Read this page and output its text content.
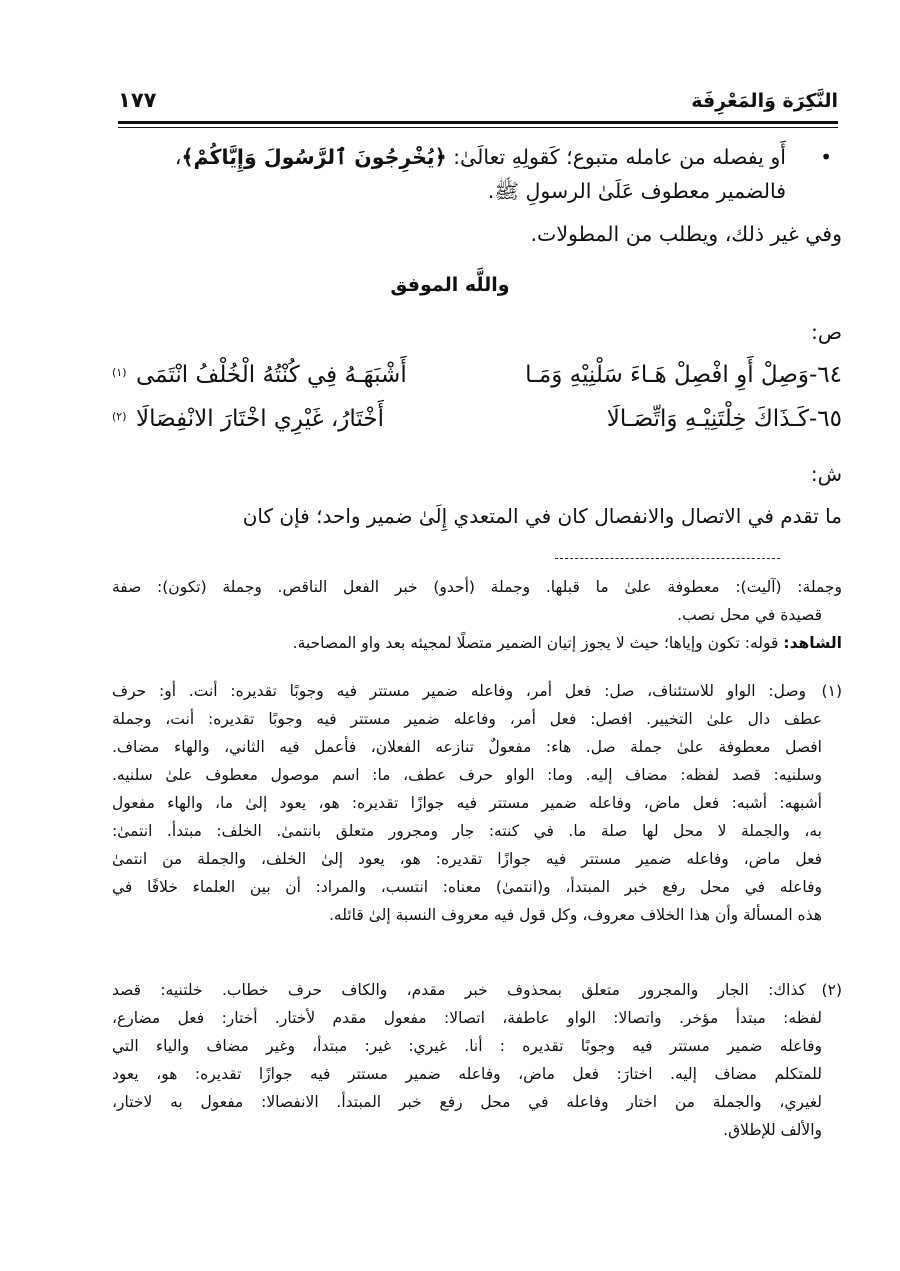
النَّكِرَة وَالمَعْرِفَة
١٧٧
•
أَو يفصله من عامله متبوع؛ كَقولِهِ تعالَىٰ: ﴿يُخْرِجُونَ ٱلرَّسُولَ وَإِيَّاكُمْ﴾،
فالضمير معطوف عَلَىٰ الرسولِ ﷺ.
وفي غير ذلك، ويطلب من المطولات.
واللَّه الموفق
ص:
٦٤-وَصِلْ أَوِ افْصِلْ هَـاءَ سَلْنِيْهِ وَمَـا
أَشْبَهَـهُ فِي كُنْتُهُ الْخُلْفُ انْتَمَى
(١)
٦٥-كَـذَاكَ خِلْتَنِيْـهِ وَاتِّصَـالَا
أَخْتَارُ، غَيْرِي اخْتَارَ الانْفِصَالَا
(٢)
ش:
ما تقدم في الاتصال والانفصال كان في المتعدي إِلَىٰ ضمير واحد؛ فإن كان
وجملة: (آليت): معطوفة علىٰ ما قبلها. وجملة (أحدو) خبر الفعل الناقص. وجملة (تكون): صفة
قصيدة في محل نصب.
الشاهد: قوله: تكون وإياها؛ حيث لا يجوز إتيان الضمير متصلًا لمجيئه بعد واو المصاحبة.
(١)
وصل: الواو للاستئناف، صل: فعل أمر، وفاعله ضمير مستتر فيه وجوبًا تقديره: أنت. أو: حرف
عطف دال علىٰ التخيير. افصل: فعل أمر، وفاعله ضمير مستتر فيه وجوبًا تقديره: أنت، وجملة
افصل معطوفة علىٰ جملة صل. هاء: مفعولٌ تنازعه الفعلان، فأعمل فيه الثاني، والهاء مضاف.
وسلنيه: قصد لفظه: مضاف إليه. وما: الواو حرف عطف، ما: اسم موصول معطوف علىٰ سلنيه.
أشبهه: أشبه: فعل ماض، وفاعله ضمير مستتر فيه جوازًا تقديره: هو، يعود إلىٰ ما، والهاء مفعول
به، والجملة لا محل لها صلة ما. في كنته: جار ومجرور متعلق بانتمىٰ. الخلف: مبتدأ. انتمىٰ:
فعل ماض، وفاعله ضمير مستتر فيه جوازًا تقديره: هو، يعود إلىٰ الخلف، والجملة من انتمىٰ
وفاعله في محل رفع خبر المبتدأ، و(انتمىٰ) معناه: انتسب، والمراد: أن بين العلماء خلافًا في
هذه المسألة وأن هذا الخلاف معروف، وكل قول فيه معروف النسبة إلىٰ قائله.
(٢)
كذاك: الجار والمجرور متعلق بمحذوف خبر مقدم، والكاف حرف خطاب. خلتنيه: قصد
لفظه: مبتدأ مؤخر. واتصالا: الواو عاطفة، اتصالا: مفعول مقدم لأختار. أختار: فعل مضارع،
وفاعله ضمير مستتر فيه وجوبًا تقديره : أنا. غيري: غير: مبتدأ، وغير مضاف والياء التي
للمتكلم مضاف إليه. اختارَ: فعل ماض، وفاعله ضمير مستتر فيه جوازًا تقديره: هو، يعود
لغيري، والجملة من اختار وفاعله في محل رفع خبر المبتدأ. الانفصالا: مفعول به لاختار،
والألف للإطلاق.
